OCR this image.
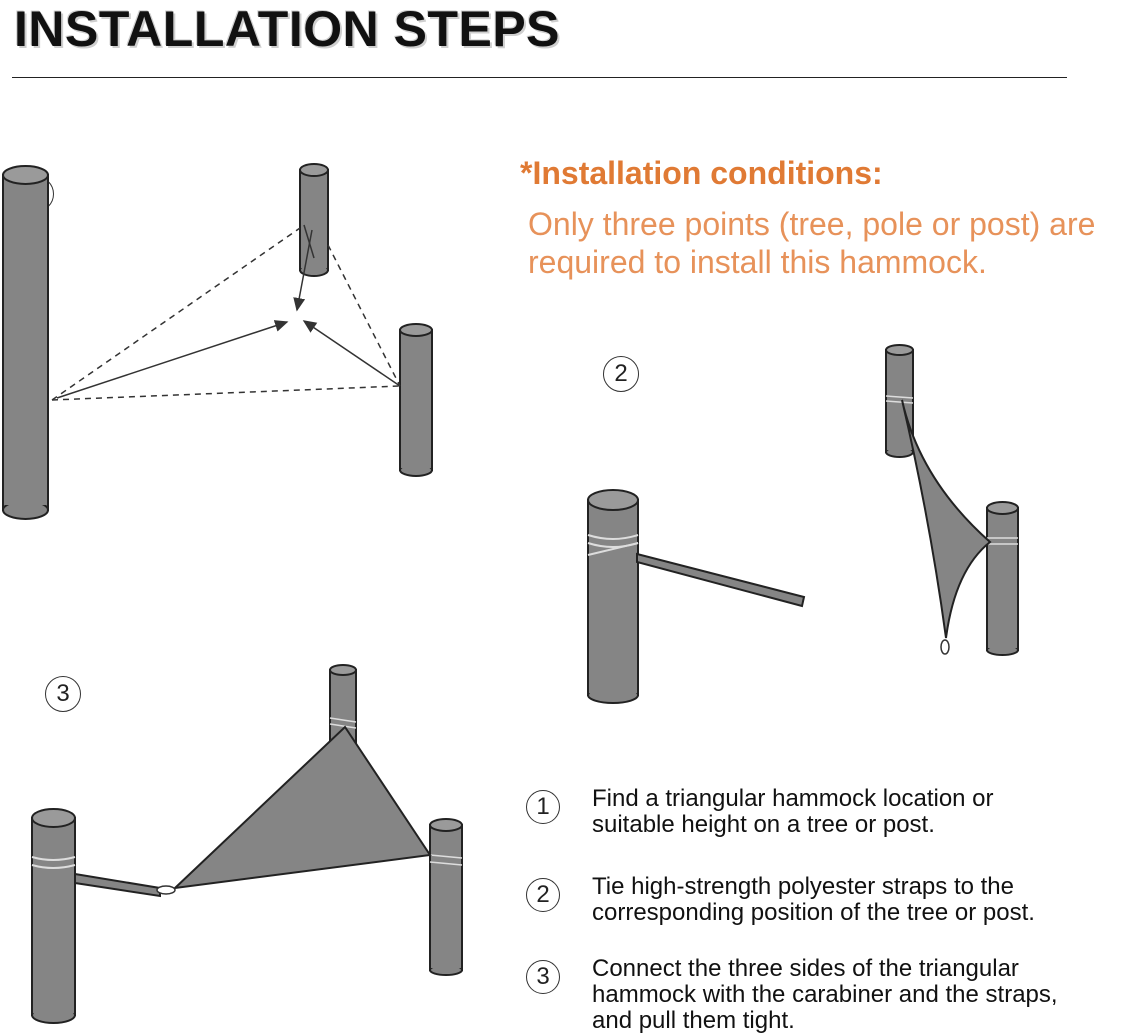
INSTALLATION STEPS
*Installation conditions:
Only three points (tree, pole or post) are required to install this hammock.
2
3
1	Find a triangular hammock location or
suitable height on a tree or post.
2	Tie high-strength polyester straps to the
corresponding position of the tree or post.
3	Connect the three sides of the triangular
hammock with the carabiner and the straps,
and pull them tight.
